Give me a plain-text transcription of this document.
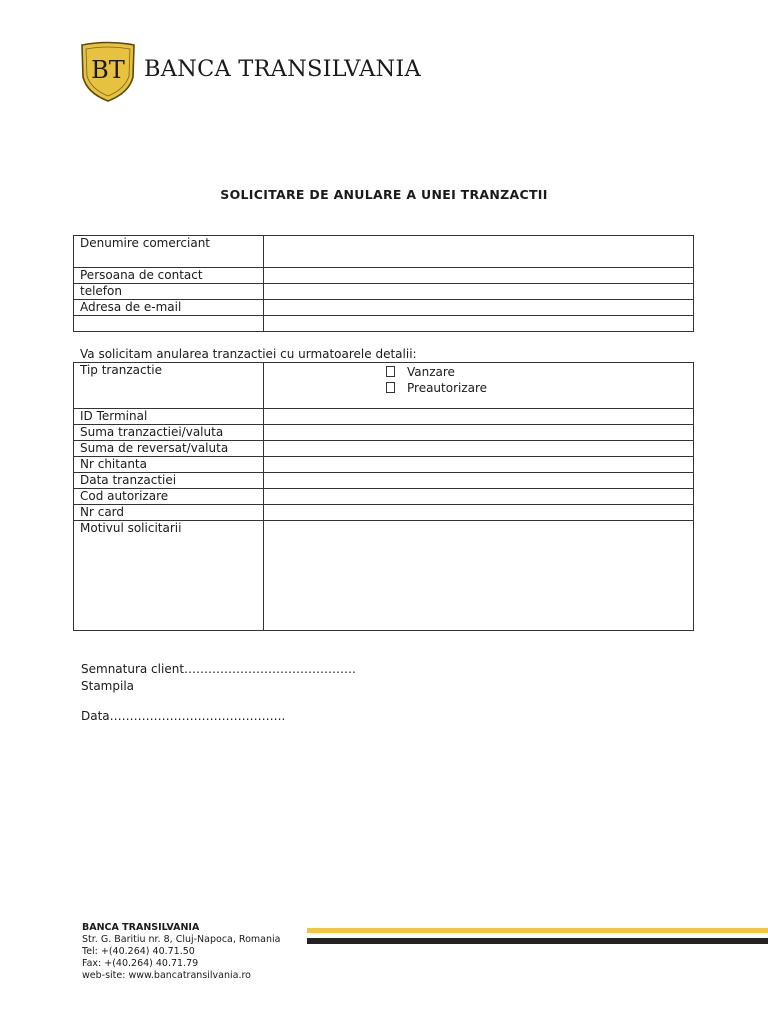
BT BANCA TRANSILVANIA
SOLICITARE DE ANULARE A UNEI TRANZACTII
Denumire comerciant	
Persoana de contact	
telefon	
Adresa de e-mail	

Va solicitam anularea tranzactiei cu urmatoarele detalii:
Tip tranzactie	Vanzare
Preautorizare

ID Terminal	
Suma tranzactiei/valuta	
Suma de reversat/valuta	
Nr chitanta	
Data tranzactiei	
Cod autorizare	
Nr card	
Motivul solicitarii	
Semnatura client…………………………………….
Stampila
Data……………………………………..
BANCA TRANSILVANIA
Str. G. Baritiu nr. 8, Cluj-Napoca, Romania
Tel: +(40.264) 40.71.50
Fax: +(40.264) 40.71.79
web-site: www.bancatransilvania.ro
